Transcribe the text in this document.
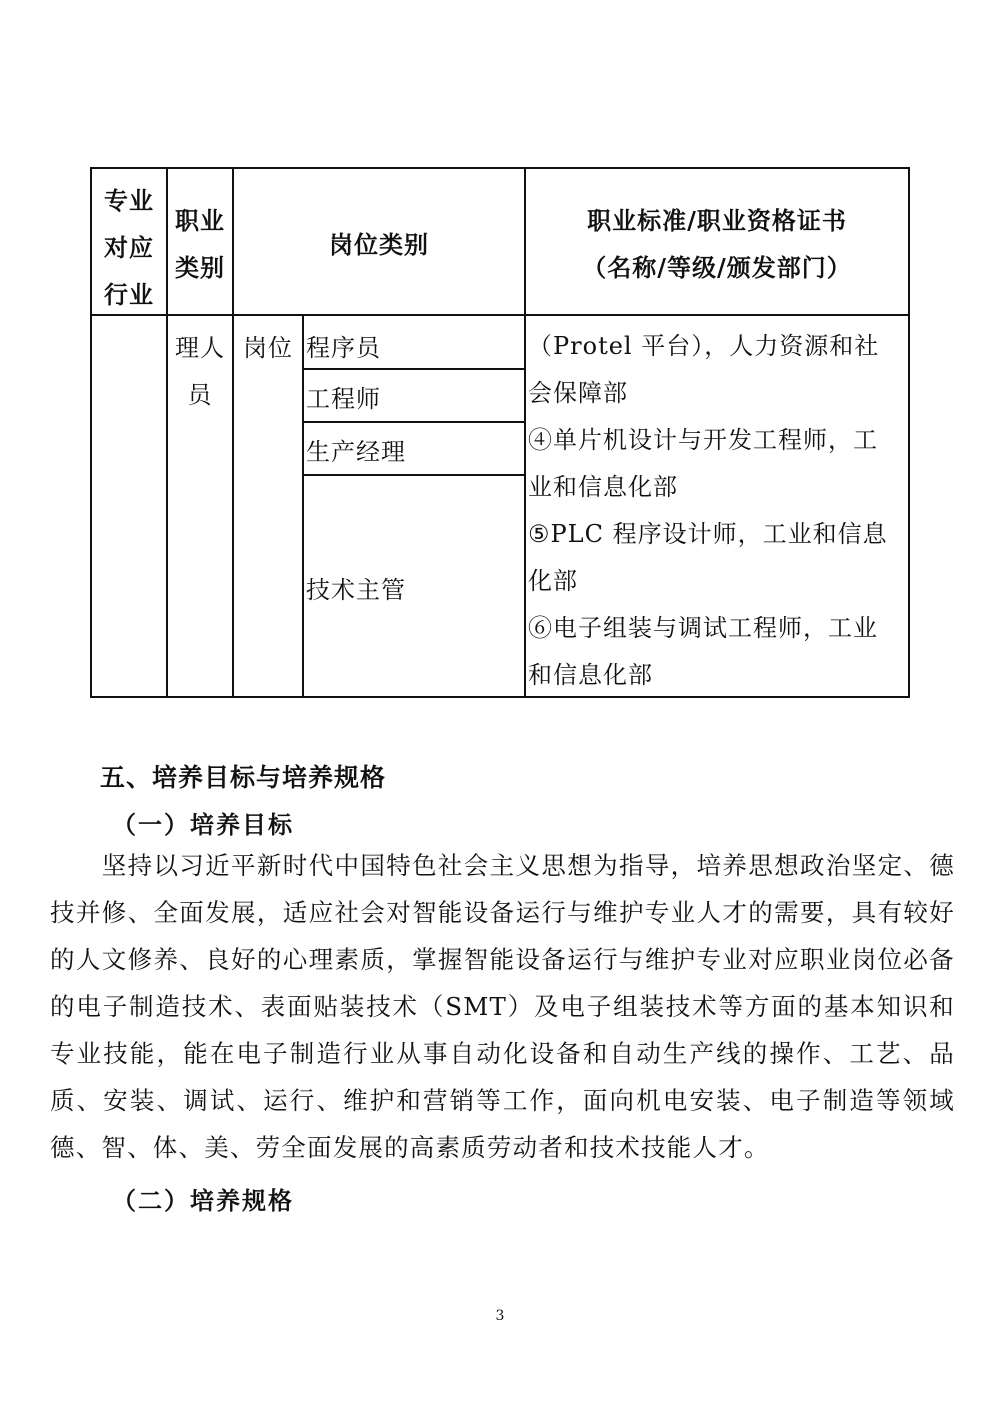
专业
对应
行业
职业
类别
岗位类别
职业标准/职业资格证书
（名称/等级/颁发部门）
理人
员
岗位 程序员
工程师
生产经理
技术主管
（Protel 平台），人力资源和社
会保障部
④单片机设计与开发工程师，工
业和信息化部
⑤PLC 程序设计师，工业和信息
化部
⑥电子组装与调试工程师，工业
和信息化部
五、培养目标与培养规格
（一）培养目标
　　坚持以习近平新时代中国特色社会主义思想为指导，培养思想政治坚定、德技并修、全面发展，适应社会对智能设备运行与维护专业人才的需要，具有较好的人文修养、良好的心理素质，掌握智能设备运行与维护专业对应职业岗位必备的电子制造技术、表面贴装技术（SMT）及电子组装技术等方面的基本知识和专业技能，能在电子制造行业从事自动化设备和自动生产线的操作、工艺、品质、安装、调试、运行、维护和营销等工作，面向机电安装、电子制造等领域德、智、体、美、劳全面发展的高素质劳动者和技术技能人才。
（二）培养规格
3
